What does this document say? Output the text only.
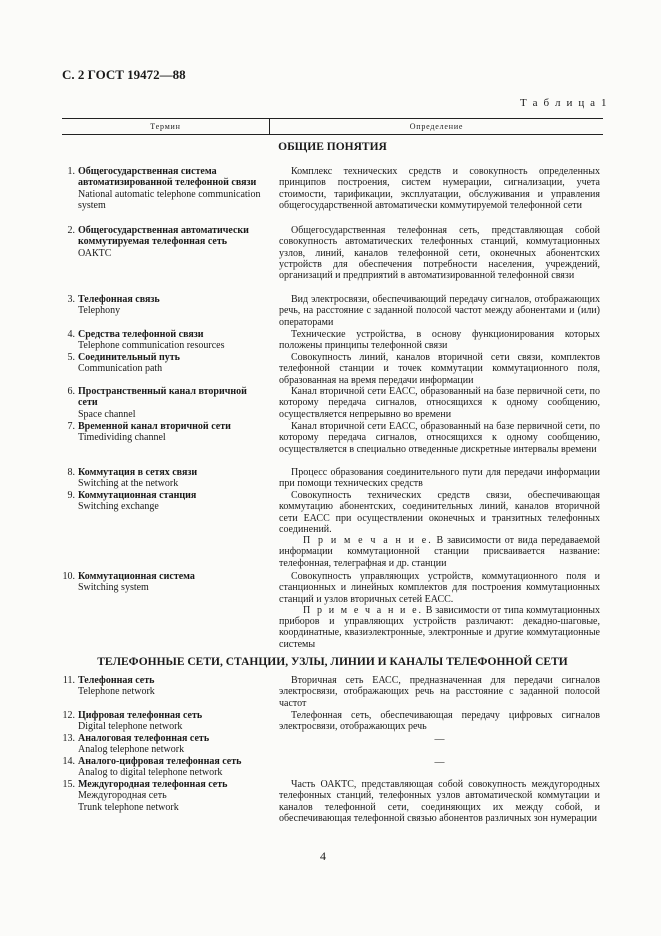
С. 2 ГОСТ 19472—88
Т а б л и ц а 1
Термин	Определение
ОБЩИЕ ПОНЯТИЯ
1. Общегосударственная система автоматизированной телефонной связи
National automatic telephone communication system
Комплекс технических средств и совокупность определенных принципов построения, систем нумерации, сигнализации, учета стоимости, тарификации, эксплуатации, обслуживания и управления общегосударственной автоматически коммутируемой телефонной сети
2. Общегосударственная автоматически коммутируемая телефонная сеть
ОАКТС
Общегосударственная телефонная сеть, представляющая собой совокупность автоматических телефонных станций, коммутационных узлов, линий, каналов телефонной сети, оконечных абонентских устройств для обеспечения потребности населения, учреждений, организаций и предприятий в автоматизированной телефонной связи
3. Телефонная связь
Telephony
Вид электросвязи, обеспечивающий передачу сигналов, отображающих речь, на расстояние с заданной полосой частот между абонентами и (или) операторами
4. Средства телефонной связи
Telephone communication resources
Технические устройства, в основу функционирования которых положены принципы телефонной связи
5. Соединительный путь
Communication path
Совокупность линий, каналов вторичной сети связи, комплектов телефонной станции и точек коммутации коммутационного поля, образованная на время передачи информации
6. Пространственный канал вторичной сети
Space channel
Канал вторичной сети ЕАСС, образованный на базе первичной сети, по которому передача сигналов, относящихся к одному сообщению, осуществляется непрерывно во времени
7. Временной канал вторичной сети
Timedividing channel
Канал вторичной сети ЕАСС, образованный на базе первичной сети, по которому передача сигналов, относящихся к одному сообщению, осуществляется в специально отведенные дискретные интервалы времени
8. Коммутация в сетях связи
Switching at the network
Процесс образования соединительного пути для передачи информации при помощи технических средств
9. Коммутационная станция
Switching exchange
Совокупность технических средств связи, обеспечивающая коммутацию абонентских, соединительных линий, каналов вторичной сети ЕАСС при осуществлении оконечных и транзитных телефонных соединений.
П р и м е ч а н и е. В зависимости от вида передаваемой информации коммутационной станции присваивается название: телефонная, телеграфная и др. станции
10. Коммутационная система
Switching system
Совокупность управляющих устройств, коммутационного поля и станционных и линейных комплектов для построения коммутационных станций и узлов вторичных сетей ЕАСС.
П р и м е ч а н и е. В зависимости от типа коммутационных приборов и управляющих устройств различают: декадно-шаговые, координатные, квазиэлектронные, электронные и другие коммутационные системы
ТЕЛЕФОННЫЕ СЕТИ, СТАНЦИИ, УЗЛЫ, ЛИНИИ И КАНАЛЫ ТЕЛЕФОННОЙ СЕТИ
11. Телефонная сеть
Telephone network
Вторичная сеть ЕАСС, предназначенная для передачи сигналов электросвязи, отображающих речь на расстояние с заданной полосой частот
12. Цифровая телефонная сеть
Digital telephone network
Телефонная сеть, обеспечивающая передачу цифровых сигналов электросвязи, отображающих речь
13. Аналоговая телефонная сеть
Analog telephone network
—
14. Аналого-цифровая телефонная сеть
Analog to digital telephone network
—
15. Междугородная телефонная сеть
Междугородная сеть
Trunk telephone network
Часть ОАКТС, представляющая собой совокупность междугородных телефонных станций, телефонных узлов автоматической коммутации и каналов телефонной сети, соединяющих их между собой, и обеспечивающая телефонной связью абонентов различных зон нумерации
4
